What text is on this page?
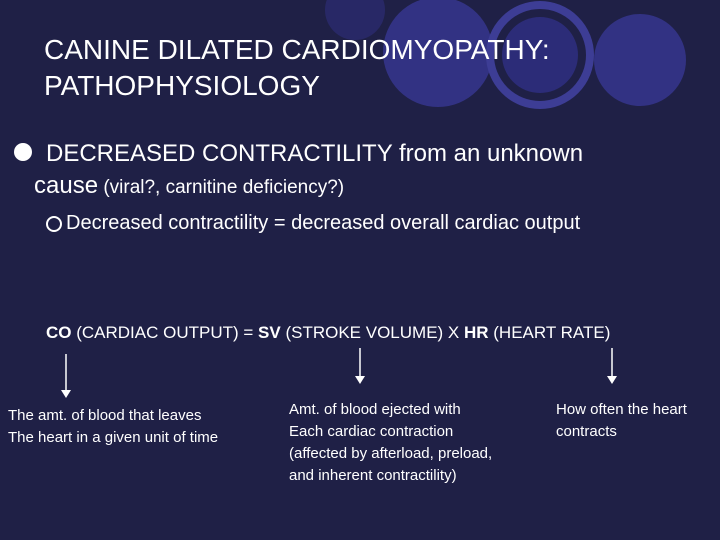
CANINE DILATED CARDIOMYOPATHY:
PATHOPHYSIOLOGY
DECREASED CONTRACTILITY from an unknown
cause (viral?, carnitine deficiency?)
Decreased contractility = decreased overall cardiac output
CO (CARDIAC OUTPUT) = SV (STROKE VOLUME) X HR (HEART RATE)
The amt. of blood that leaves
The heart in a given unit of time
Amt. of blood ejected with
Each cardiac contraction
(affected by afterload, preload,
and inherent contractility)
How often the heart
contracts
